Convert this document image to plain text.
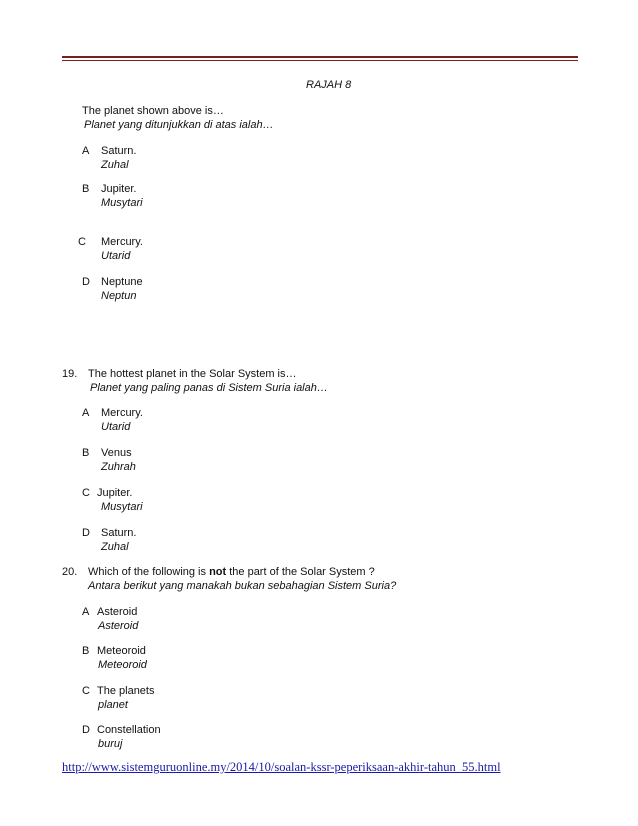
RAJAH 8
The planet shown above is…
Planet yang ditunjukkan di atas ialah…
A Saturn.
Zuhal
B Jupiter.
Musytari
C Mercury.
Utarid
D Neptune
Neptun
19. The hottest planet in the Solar System is…
Planet yang paling panas di Sistem Suria ialah…
A Mercury.
Utarid
B Venus
Zuhrah
C Jupiter.
Musytari
D Saturn.
Zuhal
20. Which of the following is not the part of the Solar System ?
Antara berikut yang manakah bukan sebahagian Sistem Suria?
A Asteroid
Asteroid
B Meteoroid
Meteoroid
C The planets
planet
D Constellation
buruj
http://www.sistemguruonline.my/2014/10/soalan-kssr-peperiksaan-akhir-tahun_55.html
